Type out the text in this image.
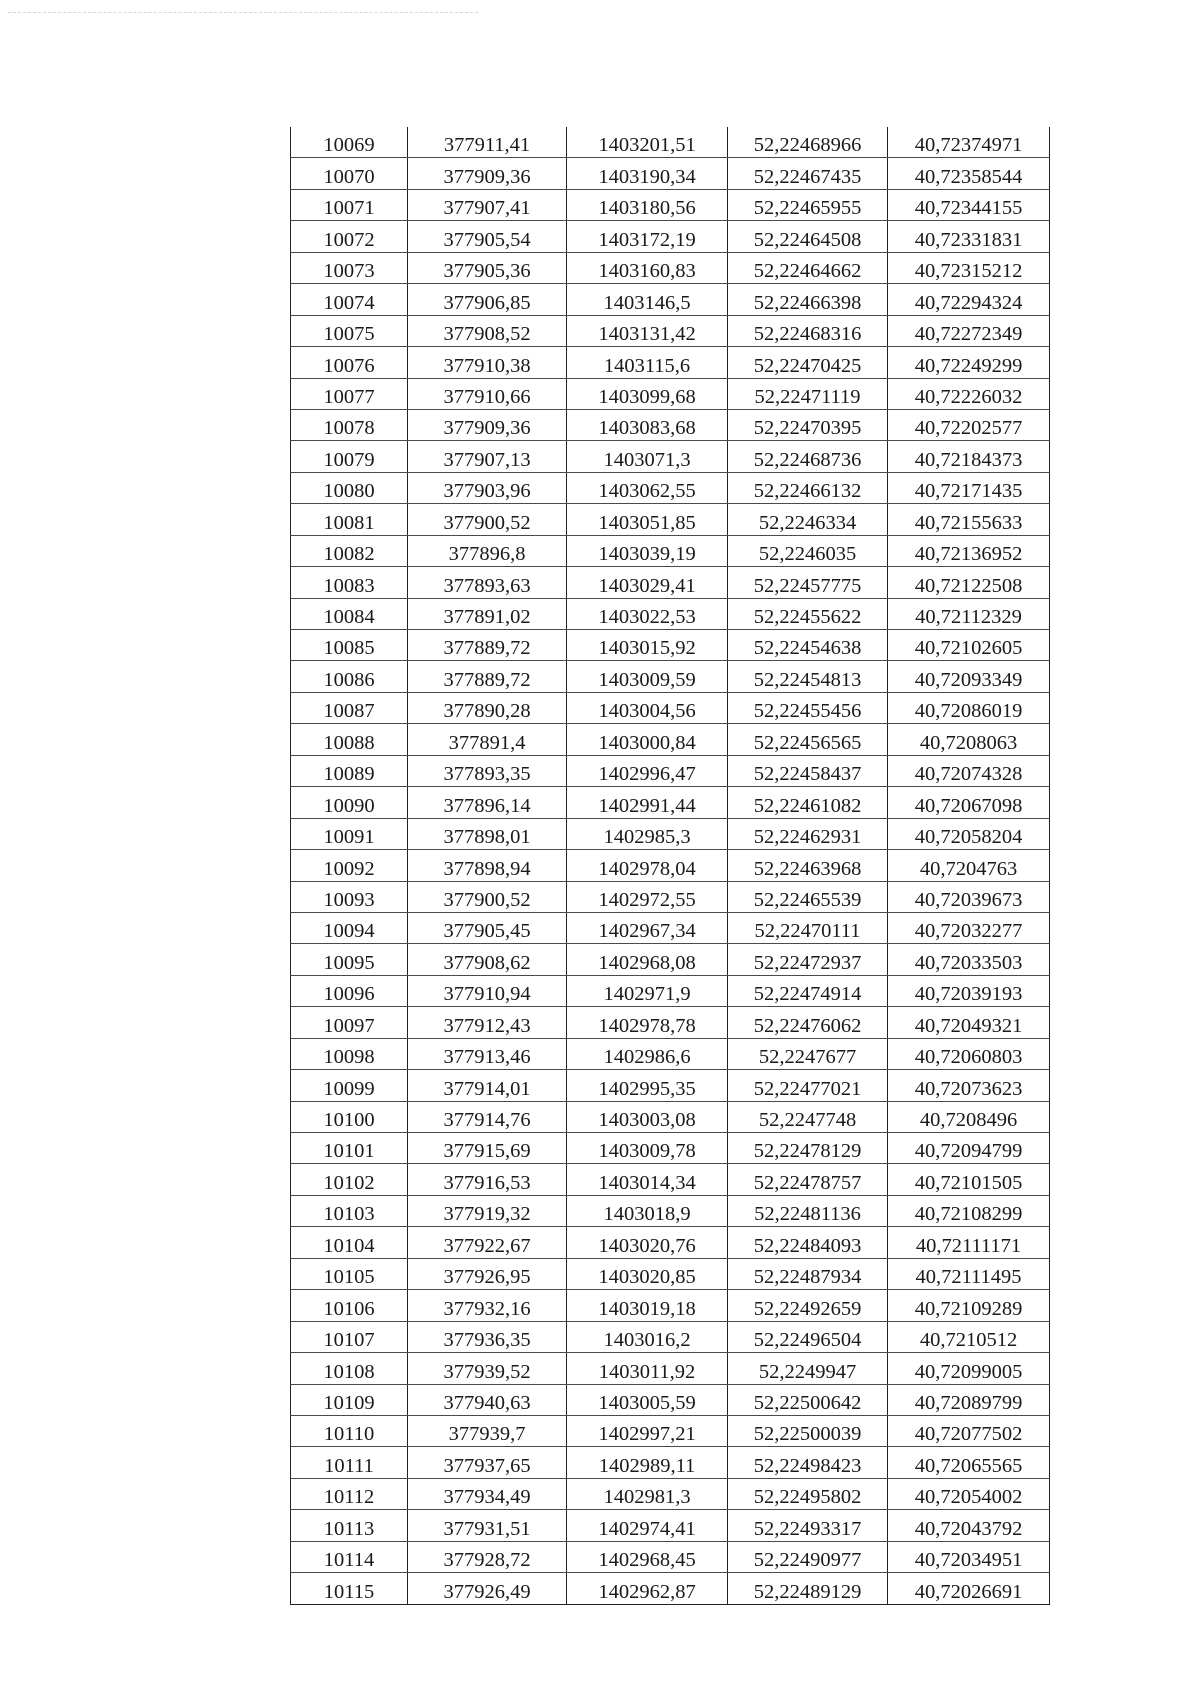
10069	377911,41	1403201,51	52,22468966	40,72374971
10070	377909,36	1403190,34	52,22467435	40,72358544
10071	377907,41	1403180,56	52,22465955	40,72344155
10072	377905,54	1403172,19	52,22464508	40,72331831
10073	377905,36	1403160,83	52,22464662	40,72315212
10074	377906,85	1403146,5	52,22466398	40,72294324
10075	377908,52	1403131,42	52,22468316	40,72272349
10076	377910,38	1403115,6	52,22470425	40,72249299
10077	377910,66	1403099,68	52,22471119	40,72226032
10078	377909,36	1403083,68	52,22470395	40,72202577
10079	377907,13	1403071,3	52,22468736	40,72184373
10080	377903,96	1403062,55	52,22466132	40,72171435
10081	377900,52	1403051,85	52,2246334	40,72155633
10082	377896,8	1403039,19	52,2246035	40,72136952
10083	377893,63	1403029,41	52,22457775	40,72122508
10084	377891,02	1403022,53	52,22455622	40,72112329
10085	377889,72	1403015,92	52,22454638	40,72102605
10086	377889,72	1403009,59	52,22454813	40,72093349
10087	377890,28	1403004,56	52,22455456	40,72086019
10088	377891,4	1403000,84	52,22456565	40,7208063
10089	377893,35	1402996,47	52,22458437	40,72074328
10090	377896,14	1402991,44	52,22461082	40,72067098
10091	377898,01	1402985,3	52,22462931	40,72058204
10092	377898,94	1402978,04	52,22463968	40,7204763
10093	377900,52	1402972,55	52,22465539	40,72039673
10094	377905,45	1402967,34	52,22470111	40,72032277
10095	377908,62	1402968,08	52,22472937	40,72033503
10096	377910,94	1402971,9	52,22474914	40,72039193
10097	377912,43	1402978,78	52,22476062	40,72049321
10098	377913,46	1402986,6	52,2247677	40,72060803
10099	377914,01	1402995,35	52,22477021	40,72073623
10100	377914,76	1403003,08	52,2247748	40,7208496
10101	377915,69	1403009,78	52,22478129	40,72094799
10102	377916,53	1403014,34	52,22478757	40,72101505
10103	377919,32	1403018,9	52,22481136	40,72108299
10104	377922,67	1403020,76	52,22484093	40,72111171
10105	377926,95	1403020,85	52,22487934	40,72111495
10106	377932,16	1403019,18	52,22492659	40,72109289
10107	377936,35	1403016,2	52,22496504	40,7210512
10108	377939,52	1403011,92	52,2249947	40,72099005
10109	377940,63	1403005,59	52,22500642	40,72089799
10110	377939,7	1402997,21	52,22500039	40,72077502
10111	377937,65	1402989,11	52,22498423	40,72065565
10112	377934,49	1402981,3	52,22495802	40,72054002
10113	377931,51	1402974,41	52,22493317	40,72043792
10114	377928,72	1402968,45	52,22490977	40,72034951
10115	377926,49	1402962,87	52,22489129	40,72026691
